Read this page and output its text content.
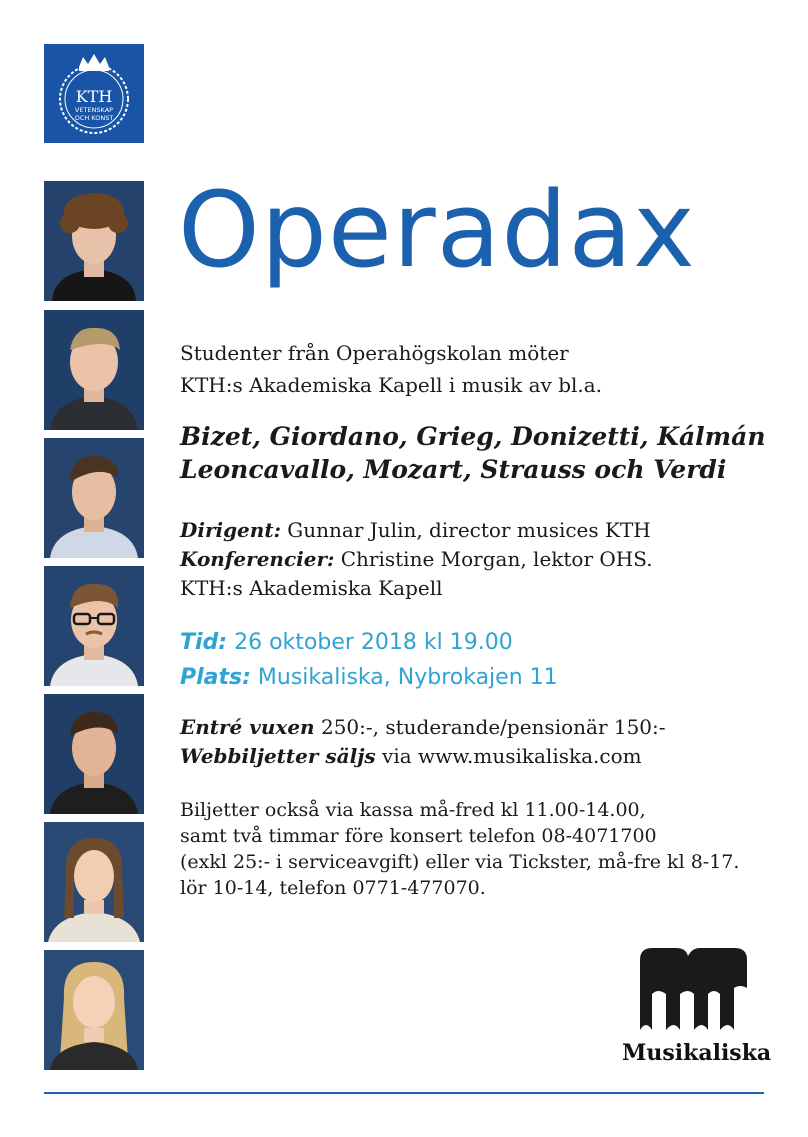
KTH
VETENSKAP
OCH KONST
Operadax

Studenter från Operahögskolan möter

KTH:s Akademiska Kapell i musik av bl.a.

Bizet, Giordano, Grieg, Donizetti, Kálmán

Leoncavallo, Mozart, Strauss och Verdi

Dirigent: Gunnar Julin, director musices KTH

Konferencier: Christine Morgan, lektor OHS.

KTH:s Akademiska Kapell

Tid: 26 oktober 2018 kl 19.00

Plats: Musikaliska, Nybrokajen 11

Entré vuxen 250:-, studerande/pensionär 150:-

Webbiljetter säljs via www.musikaliska.com

Biljetter också via kassa må-fred kl 11.00-14.00,

samt två timmar före konsert telefon 08-4071700

(exkl 25:- i serviceavgift) eller via Tickster, må-fre kl 8-17.

lör 10-14, telefon 0771-477070.

Musikaliska
